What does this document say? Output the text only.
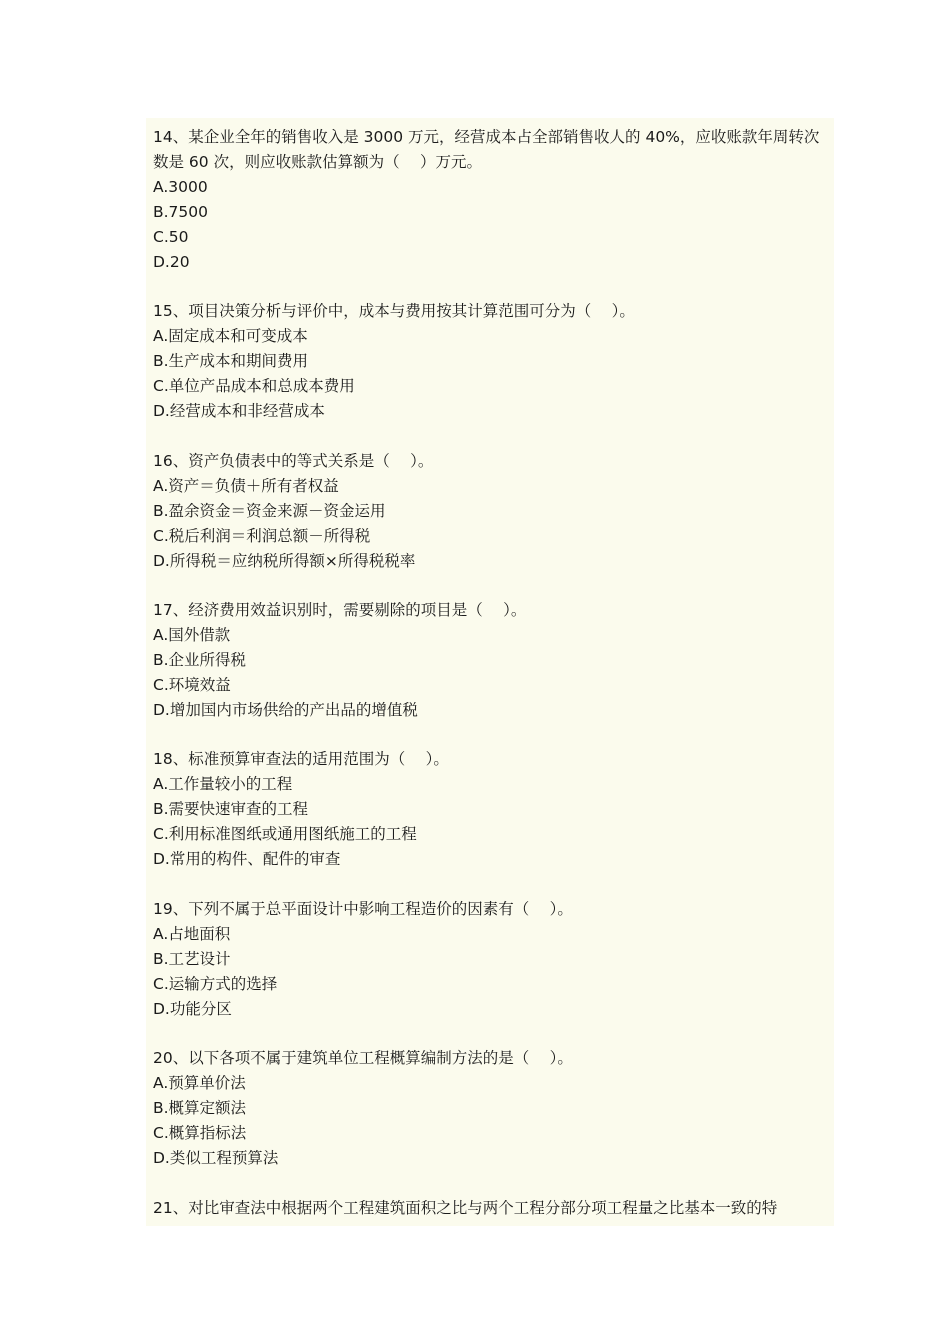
14、某企业全年的销售收入是 3000 万元，经营成本占全部销售收人的 40%，应收账款年周转次数是 60 次，则应收账款估算额为（　 ）万元。

A.3000

B.7500

C.50

D.20

15、项目决策分析与评价中，成本与费用按其计算范围可分为（　 ）。

A.固定成本和可变成本

B.生产成本和期间费用

C.单位产品成本和总成本费用

D.经营成本和非经营成本

16、资产负债表中的等式关系是（　 ）。

A.资产＝负债＋所有者权益

B.盈余资金＝资金来源－资金运用

C.税后利润＝利润总额－所得税

D.所得税＝应纳税所得额×所得税税率

17、经济费用效益识别时，需要剔除的项目是（　 ）。

A.国外借款

B.企业所得税

C.环境效益

D.增加国内市场供给的产出品的增值税

18、标准预算审查法的适用范围为（　 ）。

A.工作量较小的工程

B.需要快速审查的工程

C.利用标准图纸或通用图纸施工的工程

D.常用的构件、配件的审查

19、下列不属于总平面设计中影响工程造价的因素有（　 ）。

A.占地面积

B.工艺设计

C.运输方式的选择

D.功能分区

20、以下各项不属于建筑单位工程概算编制方法的是（　 ）。

A.预算单价法

B.概算定额法

C.概算指标法

D.类似工程预算法

21、对比审查法中根据两个工程建筑面积之比与两个工程分部分项工程量之比基本一致的特
